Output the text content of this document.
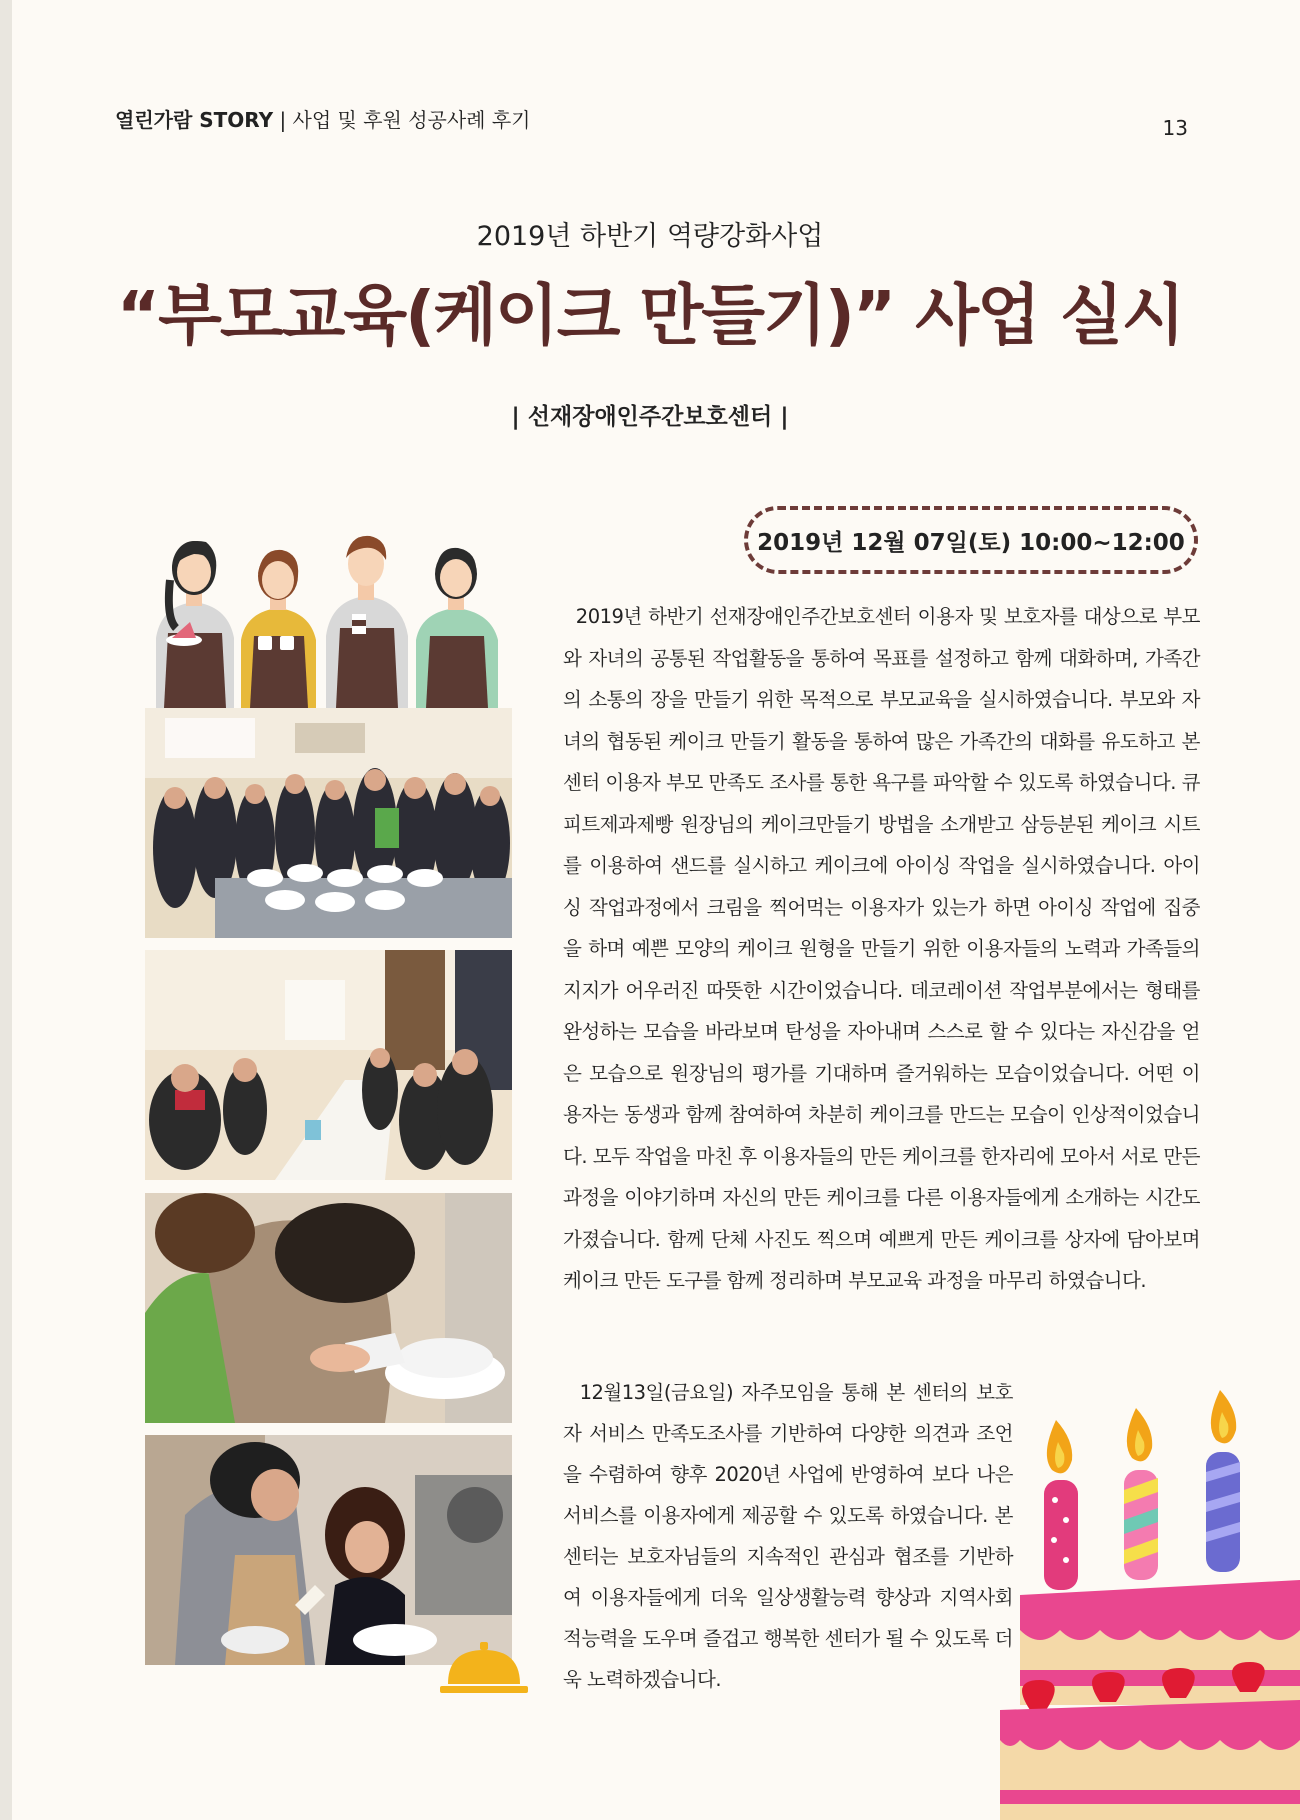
열린가람 STORY | 사업 및 후원 성공사례 후기	13
2019년 하반기 역량강화사업
“부모교육(케이크 만들기)” 사업 실시
| 선재장애인주간보호센터 |
2019년 12월 07일(토) 10:00~12:00
2019년 하반기 선재장애인주간보호센터 이용자 및 보호자를 대상으로 부모와 자녀의 공통된 작업활동을 통하여 목표를 설정하고 함께 대화하며, 가족간의 소통의 장을 만들기 위한 목적으로 부모교육을 실시하였습니다. 부모와 자녀의 협동된 케이크 만들기 활동을 통하여 많은 가족간의 대화를 유도하고 본센터 이용자 부모 만족도 조사를 통한 욕구를 파악할 수 있도록 하였습니다. 큐피트제과제빵 원장님의 케이크만들기 방법을 소개받고 삼등분된 케이크 시트를 이용하여 샌드를 실시하고 케이크에 아이싱 작업을 실시하였습니다. 아이싱 작업과정에서 크림을 찍어먹는 이용자가 있는가 하면 아이싱 작업에 집중을 하며 예쁜 모양의 케이크 원형을 만들기 위한 이용자들의 노력과 가족들의 지지가 어우러진 따뜻한 시간이었습니다. 데코레이션 작업부분에서는 형태를 완성하는 모습을 바라보며 탄성을 자아내며 스스로 할 수 있다는 자신감을 얻은 모습으로 원장님의 평가를 기대하며 즐거워하는 모습이었습니다. 어떤 이용자는 동생과 함께 참여하여 차분히 케이크를 만드는 모습이 인상적이었습니다. 모두 작업을 마친 후 이용자들의 만든 케이크를 한자리에 모아서 서로 만든 과정을 이야기하며 자신의 만든 케이크를 다른 이용자들에게 소개하는 시간도 가졌습니다. 함께 단체 사진도 찍으며 예쁘게 만든 케이크를 상자에 담아보며 케이크 만든 도구를 함께 정리하며 부모교육 과정을 마무리 하였습니다.
12월13일(금요일) 자주모임을 통해 본 센터의 보호자 서비스 만족도조사를 기반하여 다양한 의견과 조언을 수렴하여 향후 2020년 사업에 반영하여 보다 나은 서비스를 이용자에게 제공할 수 있도록 하였습니다. 본 센터는 보호자님들의 지속적인 관심과 협조를 기반하여 이용자들에게 더욱 일상생활능력 향상과 지역사회적능력을 도우며 즐겁고 행복한 센터가 될 수 있도록 더욱 노력하겠습니다.
